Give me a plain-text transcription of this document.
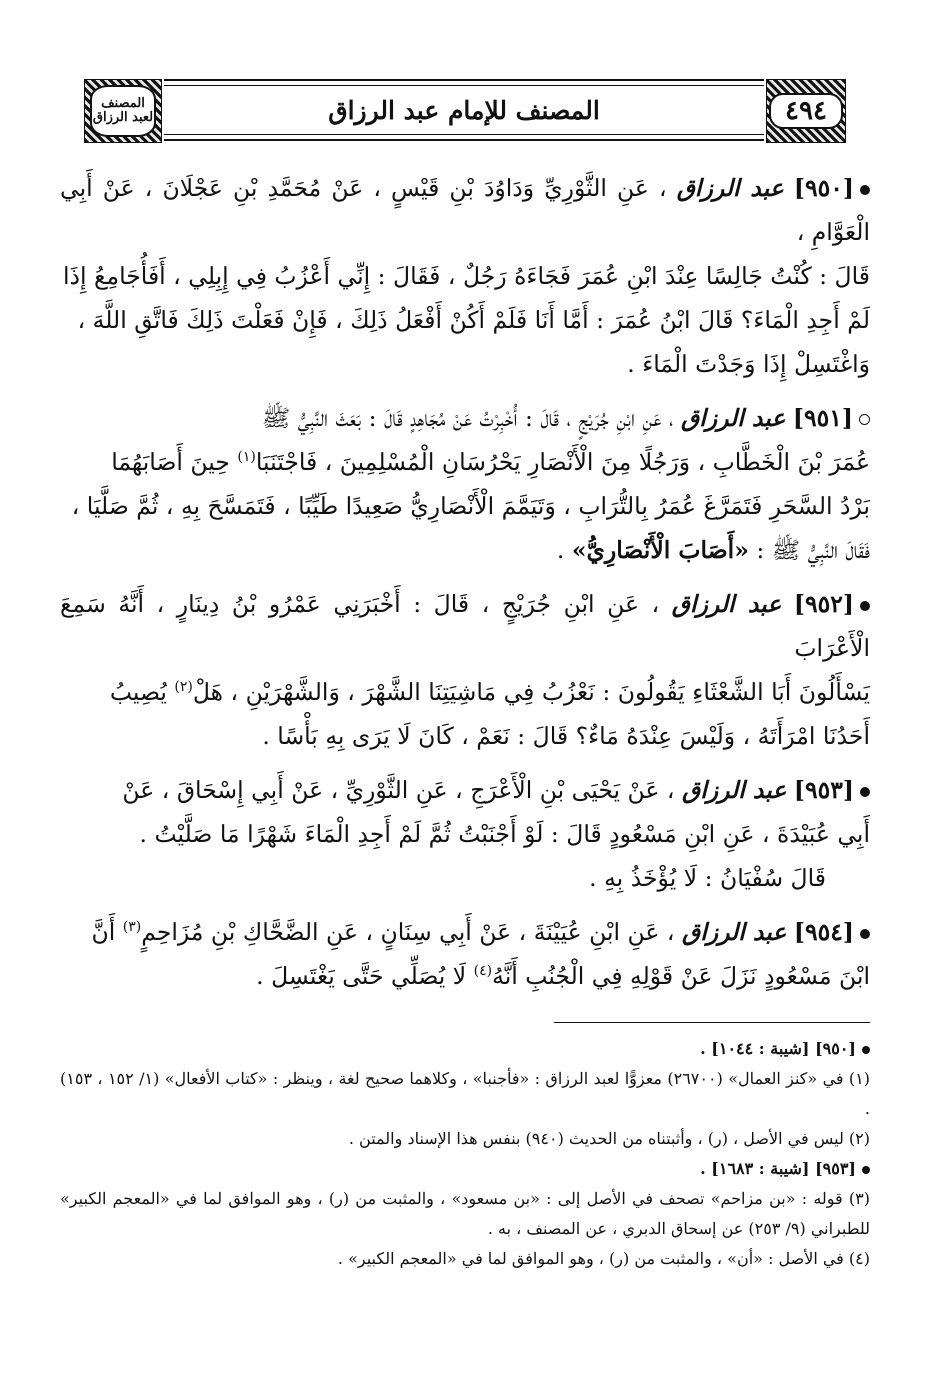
المصنف
لعبد الرزاق	المصنف للإمام عبد الرزاق	٤٩٤

[٩٥٠] عبد الرزاق ، عَنِ الثَّوْرِيِّ وَدَاوُدَ بْنِ قَيْسٍ ، عَنْ مُحَمَّدِ بْنِ عَجْلَانَ ، عَنْ أَبِي الْعَوَّامِ ،

قَالَ : كُنْتُ جَالِسًا عِنْدَ ابْنِ عُمَرَ فَجَاءَهُ رَجُلٌ ، فَقَالَ : إِنِّي أَعْزُبُ فِي إِبِلِي ، أَفَأُجَامِعُ إِذَا

لَمْ أَجِدِ الْمَاءَ؟ قَالَ ابْنُ عُمَرَ : أَمَّا أَنَا فَلَمْ أَكُنْ أَفْعَلُ ذَلِكَ ، فَإِنْ فَعَلْتَ ذَلِكَ فَاتَّقِ اللَّهَ ،

وَاغْتَسِلْ إِذَا وَجَدْتَ الْمَاءَ .

[٩٥١] عبد الرزاق ، عَنِ ابْنِ جُرَيْجٍ ، قَالَ : أُخْبِرْتُ عَنْ مُجَاهِدٍ قَالَ : بَعَثَ النَّبِيُّ ﷺ

عُمَرَ بْنَ الْخَطَّابِ ، وَرَجُلًا مِنَ الْأَنْصَارِ يَحْرُسَانِ الْمُسْلِمِينَ ، فَاجْتَنَبَا$^{(١)}$ حِينَ أَصَابَهُمَا

بَرْدُ السَّحَرِ فَتَمَرَّغَ عُمَرُ بِالتُّرَابِ ، وَتَيَمَّمَ الْأَنْصَارِيُّ صَعِيدًا طَيِّبًا ، فَتَمَسَّحَ بِهِ ، ثُمَّ صَلَّيَا ،

فَقَالَ النَّبِيُّ ﷺ : «أَصَابَ الْأَنْصَارِيُّ» .

[٩٥٢] عبد الرزاق ، عَنِ ابْنِ جُرَيْجٍ ، قَالَ : أَخْبَرَنِي عَمْرُو بْنُ دِينَارٍ ، أَنَّهُ سَمِعَ الْأَعْرَابَ

يَسْأَلُونَ أَبَا الشَّعْثَاءِ يَقُولُونَ : نَعْزُبُ فِي مَاشِيَتِنَا الشَّهْرَ ، وَالشَّهْرَيْنِ ، هَلْ$^{(٢)}$ يُصِيبُ

أَحَدُنَا امْرَأَتَهُ ، وَلَيْسَ عِنْدَهُ مَاءٌ؟ قَالَ : نَعَمْ ، كَانَ لَا يَرَى بِهِ بَأْسًا .

[٩٥٣] عبد الرزاق ، عَنْ يَحْيَى بْنِ الْأَعْرَجِ ، عَنِ الثَّوْرِيِّ ، عَنْ أَبِي إِسْحَاقَ ، عَنْ

أَبِي عُبَيْدَةَ ، عَنِ ابْنِ مَسْعُودٍ قَالَ : لَوْ أَجْنَبْتُ ثُمَّ لَمْ أَجِدِ الْمَاءَ شَهْرًا مَا صَلَّيْتُ .

قَالَ سُفْيَانُ : لَا يُؤْخَذُ بِهِ .

[٩٥٤] عبد الرزاق ، عَنِ ابْنِ عُيَيْنَةَ ، عَنْ أَبِي سِنَانٍ ، عَنِ الضَّحَّاكِ بْنِ مُزَاحِمٍ$^{(٣)}$ أَنَّ

ابْنَ مَسْعُودٍ نَزَلَ عَنْ قَوْلِهِ فِي الْجُنُبِ أَنَّهُ$^{(٤)}$ لَا يُصَلِّي حَتَّى يَغْتَسِلَ .

[٩٥٠] [شيبة : ١٠٤٤] .

(١) في «كنز العمال» (٢٦٧٠٠) معزوًّا لعبد الرزاق : «فأجنبا» ، وكلاهما صحيح لغة ، وينظر : «كتاب الأفعال» (١/ ١٥٢ ، ١٥٣) .

(٢) ليس في الأصل ، (ر) ، وأثبتناه من الحديث (٩٤٠) بنفس هذا الإسناد والمتن .

[٩٥٣] [شيبة : ١٦٨٣] .

(٣) قوله : «بن مزاحم» تصحف في الأصل إلى : «بن مسعود» ، والمثبت من (ر) ، وهو الموافق لما في «المعجم الكبير» للطبراني (٩/ ٢٥٣) عن إسحاق الدبري ، عن المصنف ، به .

(٤) في الأصل : «أن» ، والمثبت من (ر) ، وهو الموافق لما في «المعجم الكبير» .
